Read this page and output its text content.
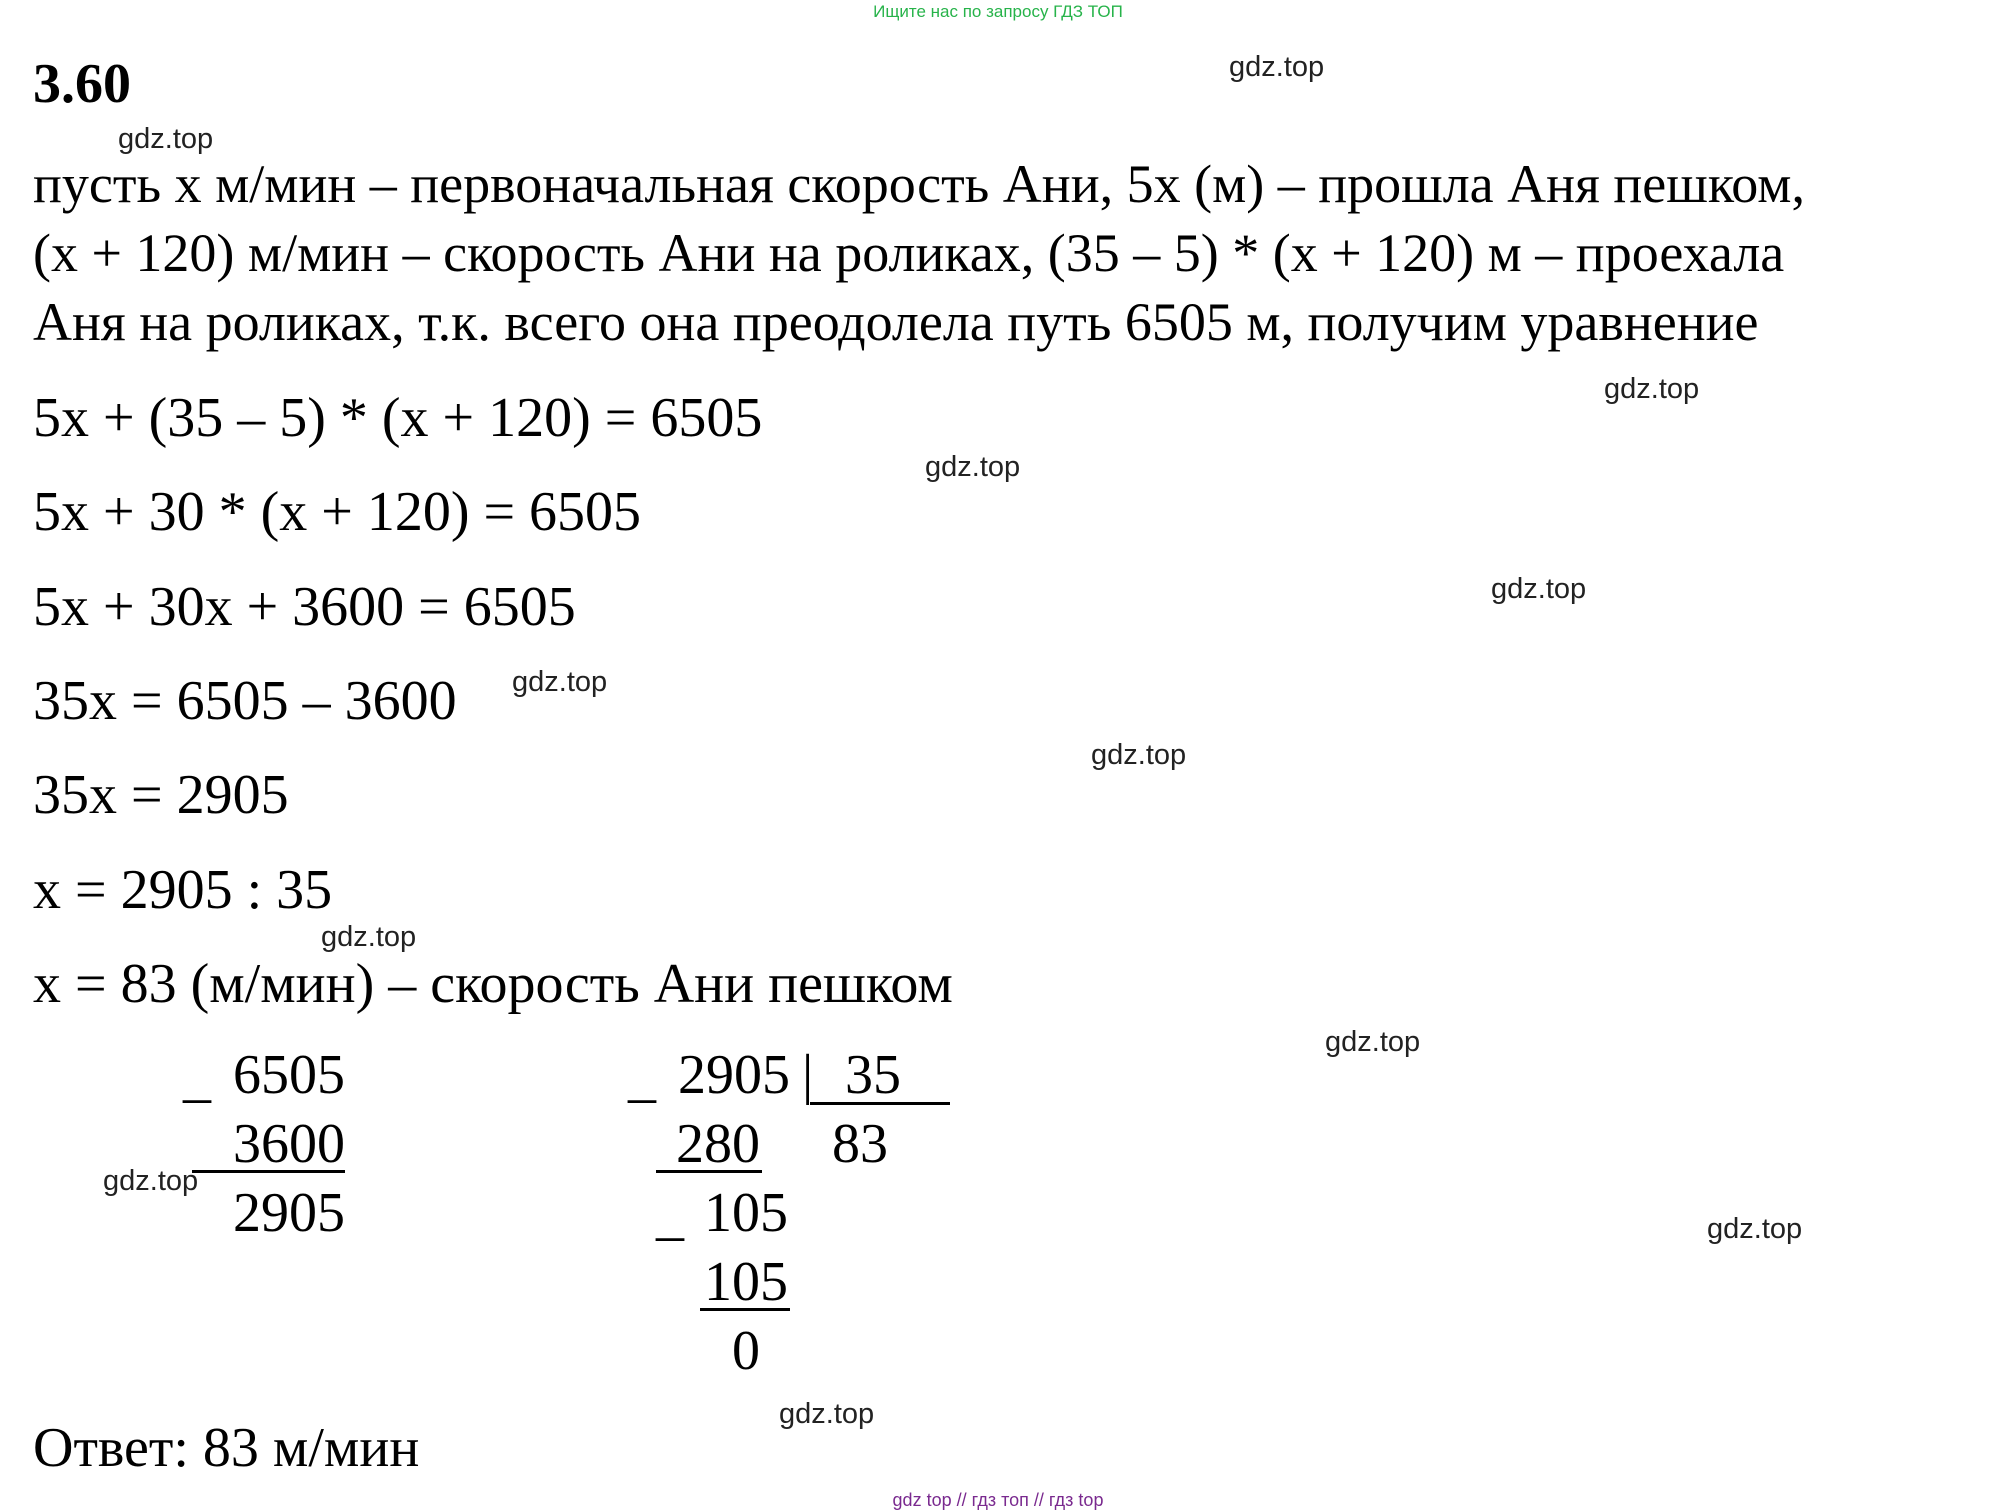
Ищите нас по запросу ГДЗ ТОП
3.60	gdz.top
gdz.top
gdz.top
gdz.top
gdz.top
gdz.top
gdz.top
gdz.top
gdz.top
gdz.top
gdz.top
gdz.top
пусть х м/мин – первоначальная скорость Ани, 5х (м) – прошла Аня пешком,
(х + 120) м/мин – скорость Ани на роликах, (35 – 5) * (х + 120) м – проехала
Аня на роликах, т.к. всего она преодолела путь 6505 м, получим уравнение
5х + (35 – 5) * (х + 120) = 6505
5х + 30 * (х + 120) = 6505
5х + 30х + 3600 = 6505
35х = 6505 – 3600
35х = 2905
х = 2905 : 35
х = 83 (м/мин) – скорость Ани пешком
_ 6505
3600
2905
_ 2905 | 35
83
280
_ 105
105
0
Ответ: 83 м/мин
gdz top // гдз топ // гдз top
